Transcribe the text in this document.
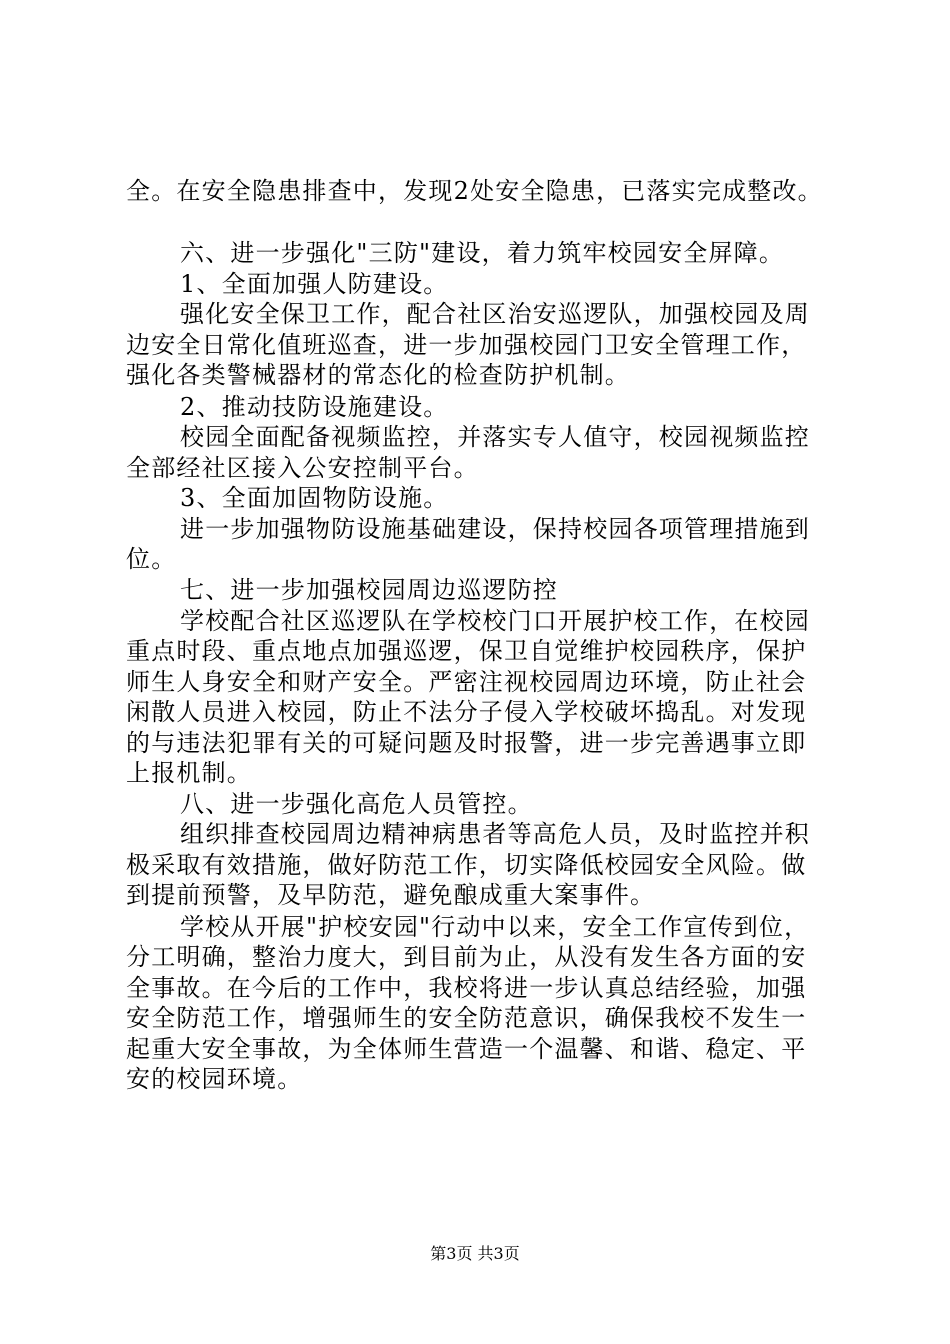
全。在安全隐患排查中，发现2处安全隐患，已落实完成整改。
六、进一步强化"三防"建设，着力筑牢校园安全屏障。
1、全面加强人防建设。
强化安全保卫工作，配合社区治安巡逻队，加强校园及周
边安全日常化值班巡查，进一步加强校园门卫安全管理工作，
强化各类警械器材的常态化的检查防护机制。
2、推动技防设施建设。
校园全面配备视频监控，并落实专人值守，校园视频监控
全部经社区接入公安控制平台。
3、全面加固物防设施。
进一步加强物防设施基础建设，保持校园各项管理措施到
位。
七、进一步加强校园周边巡逻防控
学校配合社区巡逻队在学校校门口开展护校工作，在校园
重点时段、重点地点加强巡逻，保卫自觉维护校园秩序，保护
师生人身安全和财产安全。严密注视校园周边环境，防止社会
闲散人员进入校园，防止不法分子侵入学校破坏捣乱。对发现
的与违法犯罪有关的可疑问题及时报警，进一步完善遇事立即
上报机制。
八、进一步强化高危人员管控。
组织排查校园周边精神病患者等高危人员，及时监控并积
极采取有效措施，做好防范工作，切实降低校园安全风险。做
到提前预警，及早防范，避免酿成重大案事件。
学校从开展"护校安园"行动中以来，安全工作宣传到位，
分工明确，整治力度大，到目前为止，从没有发生各方面的安
全事故。在今后的工作中，我校将进一步认真总结经验，加强
安全防范工作，增强师生的安全防范意识，确保我校不发生一
起重大安全事故，为全体师生营造一个温馨、和谐、稳定、平
安的校园环境。
第3页 共3页
